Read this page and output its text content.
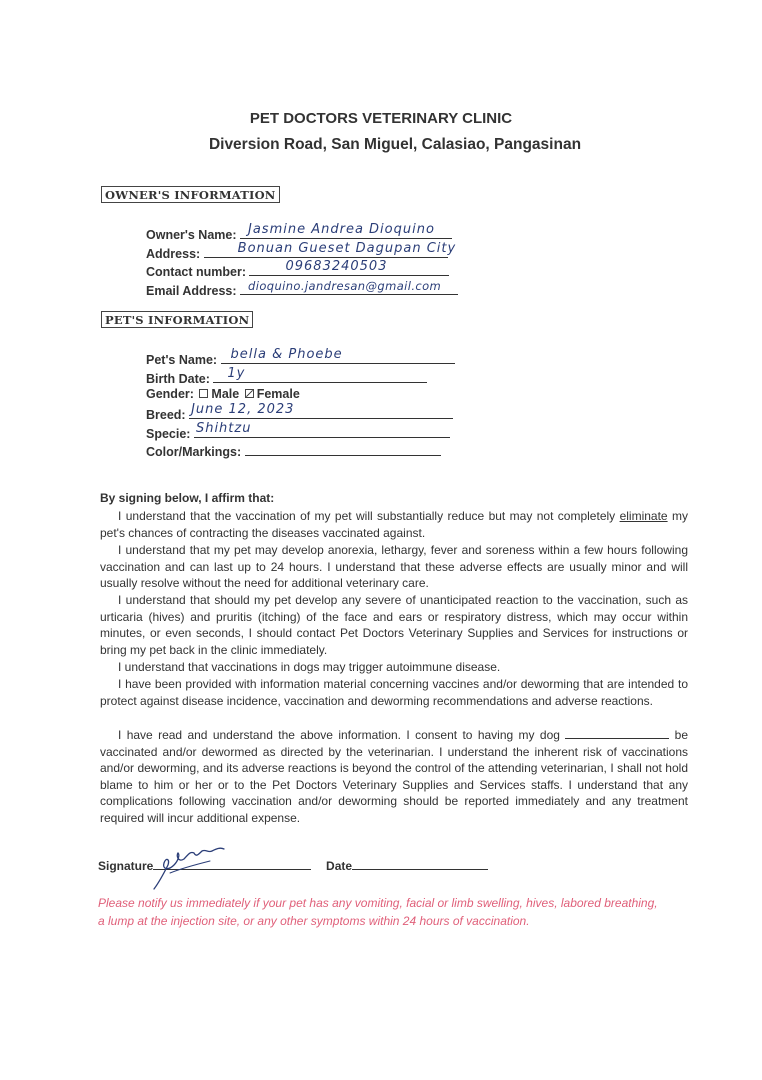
PET DOCTORS VETERINARY CLINIC
Diversion Road, San Miguel, Calasiao, Pangasinan
OWNER'S INFORMATION
Owner's Name: Jasmine Andrea Dioquino
Address:	Bonuan Gueset Dagupan City
Contact number:	09683240503
Email Address: dioquino.jandresan@gmail.com
PET'S INFORMATION
Pet's Name: bella & Phoebe
Birth Date: 1y
Gender: Male Female
Breed: June 12, 2023
Specie: Shihtzu
Color/Markings:
By signing below, I affirm that:
I understand that the vaccination of my pet will substantially reduce but may not completely eliminate my pet's chances of contracting the diseases vaccinated against.
I understand that my pet may develop anorexia, lethargy, fever and soreness within a few hours following vaccination and can last up to 24 hours. I understand that these adverse effects are usually minor and will usually resolve without the need for additional veterinary care.
I understand that should my pet develop any severe of unanticipated reaction to the vaccination, such as urticaria (hives) and pruritis (itching) of the face and ears or respiratory distress, which may occur within minutes, or even seconds, I should contact Pet Doctors Veterinary Supplies and Services for instructions or bring my pet back in the clinic immediately.
I understand that vaccinations in dogs may trigger autoimmune disease.
I have been provided with information material concerning vaccines and/or deworming that are intended to protect against disease incidence, vaccination and deworming recommendations and adverse reactions.
I have read and understand the above information. I consent to having my dog	be vaccinated and/or dewormed as directed by the veterinarian. I understand the inherent risk of vaccinations and/or deworming, and its adverse reactions is beyond the control of the attending veterinarian, I shall not hold blame to him or her or to the Pet Doctors Veterinary Supplies and Services staffs. I understand that any complications following vaccination and/or deworming should be reported immediately and any treatment required will incur additional expense.
Signature	Date
Please notify us immediately if your pet has any vomiting, facial or limb swelling, hives, labored breathing, a lump at the injection site, or any other symptoms within 24 hours of vaccination.
